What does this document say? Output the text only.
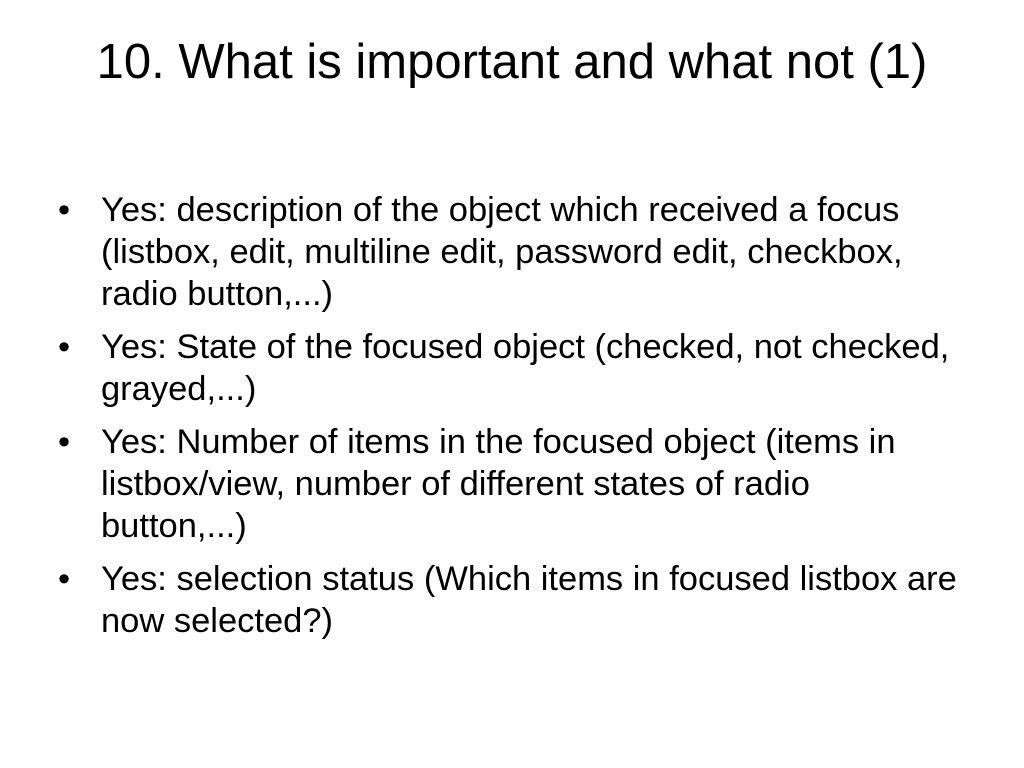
10. What is important and what not (1)
• Yes: description of the object which received a focus (listbox, edit, multiline edit, password edit, checkbox, radio button,...)
• Yes: State of the focused object (checked, not checked, grayed,...)
• Yes: Number of items in the focused object (items in listbox/view, number of different states of radio button,...)
• Yes: selection status (Which items in focused listbox are now selected?)
